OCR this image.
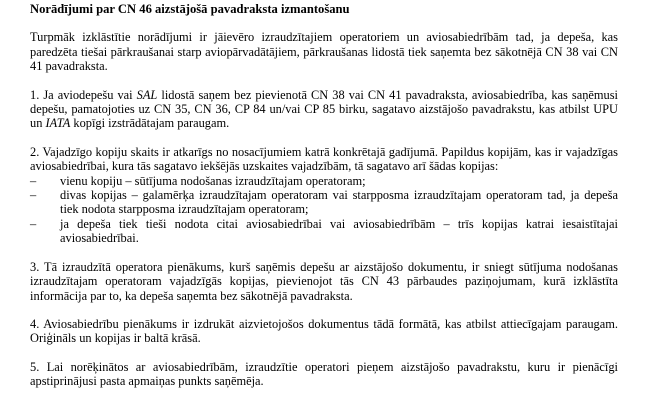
Norādījumi par CN 46 aizstājošā pavadraksta izmantošanu
Turpmāk izklāstītie norādījumi ir jāievēro izraudzītajiem operatoriem un aviosabiedrībām tad, ja depeša, kas paredzēta tiešai pārkraušanai starp aviopārvadātājiem, pārkraušanas lidostā tiek saņemta bez sākotnējā CN 38 vai CN 41 pavadraksta.
1. Ja aviodepešu vai SAL lidostā saņem bez pievienotā CN 38 vai CN 41 pavadraksta, aviosabiedrība, kas saņēmusi depešu, pamatojoties uz CN 35, CN 36, CP 84 un/vai CP 85 birku, sagatavo aizstājošo pavadrakstu, kas atbilst UPU un IATA kopīgi izstrādātajam paraugam.
2. Vajadzīgo kopiju skaits ir atkarīgs no nosacījumiem katrā konkrētajā gadījumā. Papildus kopijām, kas ir vajadzīgas aviosabiedrībai, kura tās sagatavo iekšējās uzskaites vajadzībām, tā sagatavo arī šādas kopijas:
–	vienu kopiju – sūtījuma nodošanas izraudzītajam operatoram;
–	divas kopijas – galamērķa izraudzītajam operatoram vai starpposma izraudzītajam operatoram tad, ja depeša tiek nodota starpposma izraudzītajam operatoram;
–	ja depeša tiek tieši nodota citai aviosabiedrībai vai aviosabiedrībām – trīs kopijas katrai iesaistītajai aviosabiedrībai.
3. Tā izraudzītā operatora pienākums, kurš saņēmis depešu ar aizstājošo dokumentu, ir sniegt sūtījuma nodošanas izraudzītajam operatoram vajadzīgās kopijas, pievienojot tās CN 43 pārbaudes paziņojumam, kurā izklāstīta informācija par to, ka depeša saņemta bez sākotnējā pavadraksta.
4. Aviosabiedrību pienākums ir izdrukāt aizvietojošos dokumentus tādā formātā, kas atbilst attiecīgajam paraugam. Oriģināls un kopijas ir baltā krāsā.
5. Lai norēķinātos ar aviosabiedrībām, izraudzītie operatori pieņem aizstājošo pavadrakstu, kuru ir pienācīgi apstiprinājusi pasta apmaiņas punkts saņēmēja.
